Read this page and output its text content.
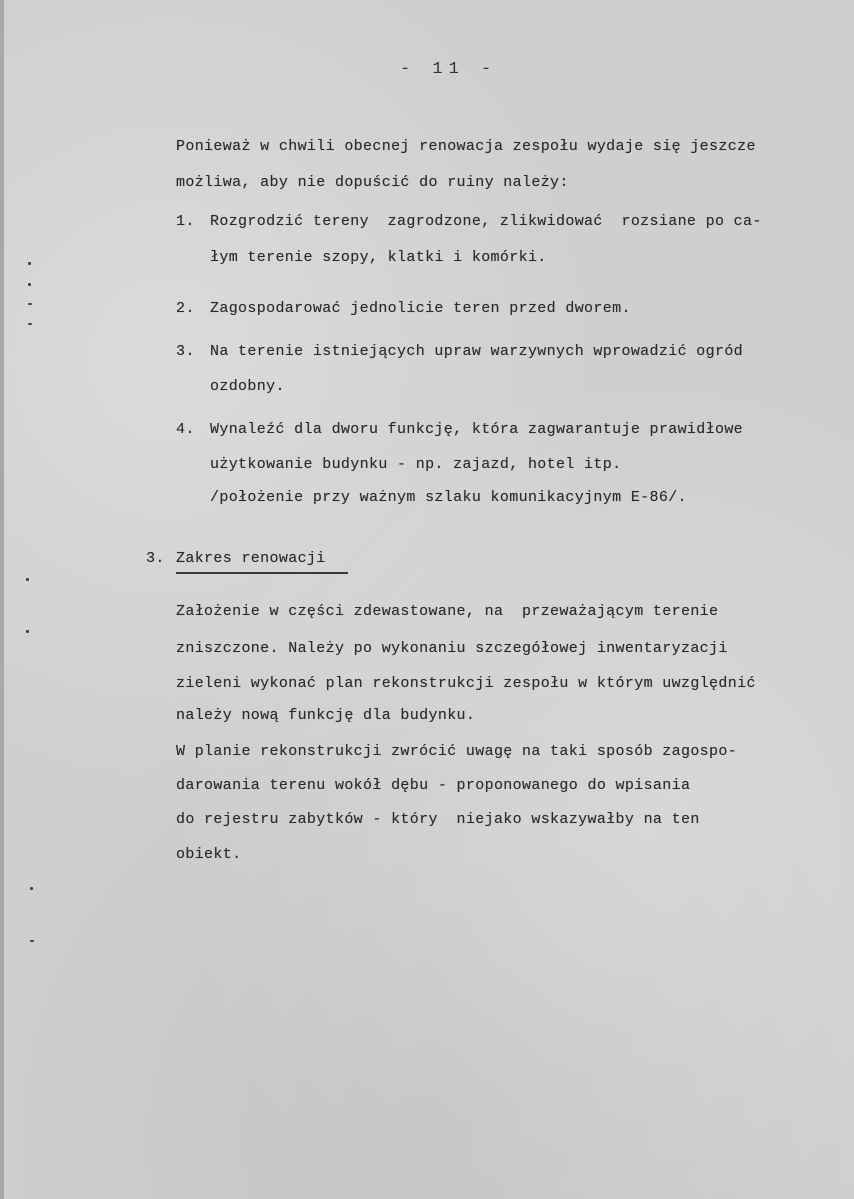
- 11 -
Ponieważ w chwili obecnej renowacja zespołu wydaje się jeszcze
możliwa, aby nie dopuścić do ruiny należy:
1. Rozgrodzić tereny  zagrodzone, zlikwidować  rozsiane po ca-
łym terenie szopy, klatki i komórki.
2. Zagospodarować jednolicie teren przed dworem.
3. Na terenie istniejących upraw warzywnych wprowadzić ogród
ozdobny.
4. Wynaleźć dla dworu funkcję, która zagwarantuje prawidłowe
użytkowanie budynku - np. zajazd, hotel itp.
/położenie przy ważnym szlaku komunikacyjnym E-86/.
3. Zakres renowacji
Założenie w części zdewastowane, na  przeważającym terenie
zniszczone. Należy po wykonaniu szczegółowej inwentaryzacji
zieleni wykonać plan rekonstrukcji zespołu w którym uwzględnić
należy nową funkcję dla budynku.
W planie rekonstrukcji zwrócić uwagę na taki sposób zagospo-
darowania terenu wokół dębu - proponowanego do wpisania
do rejestru zabytków - który  niejako wskazywałby na ten
obiekt.
